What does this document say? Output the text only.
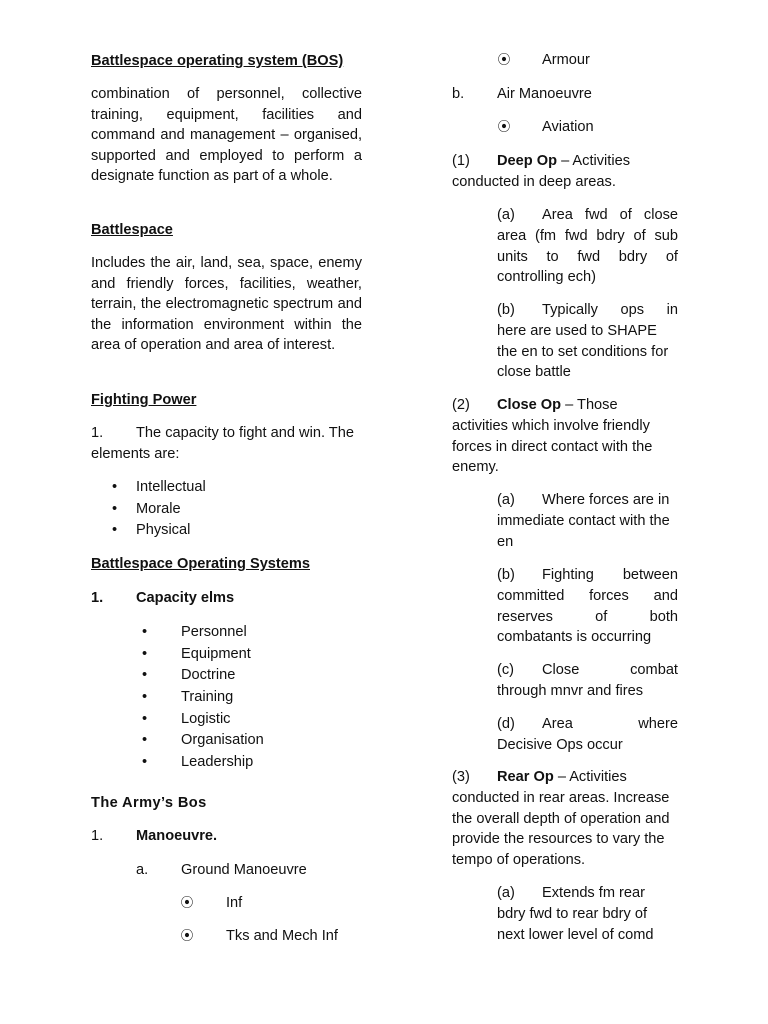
Battlespace operating system (BOS)

combination of personnel, collective training, equipment, facilities and command and management – organised, supported and employed to perform a designate function as part of a whole.

Battlespace

Includes the air, land, sea, space, enemy and friendly forces, facilities, weather, terrain, the electromagnetic spectrum and the information environment within the area of operation and area of interest.

Fighting Power

1. The capacity to fight and win. The
elements are:
• Intellectual
• Morale
• Physical

Battlespace Operating Systems

1. Capacity elms
• Personnel
• Equipment
• Doctrine
• Training
• Logistic
• Organisation
• Leadership

The Army’s Bos

1. Manoeuvre.
a. Ground Manoeuvre
⦿ Inf
⦿ Tks and Mech Inf
⦿ Armour
b. Air Manoeuvre
⦿ Aviation
(1) Deep Op – Activities
conducted in deep areas.
(a) Area fwd of close
area (fm fwd bdry of sub units to fwd bdry of controlling ech)
(b) Typically ops in
here are used to SHAPE the en to set conditions for close battle
(2) Close Op – Those
activities which involve friendly forces in direct contact with the enemy.
(a) Where forces are in
immediate contact with the en
(b) Fighting between
committed forces and reserves of both combatants is occurring
(c) Close combat
through mnvr and fires
(d) Area where
Decisive Ops occur
(3) Rear Op – Activities
conducted in rear areas. Increase the overall depth of operation and provide the resources to vary the tempo of operations.
(a) Extends fm rear
bdry fwd to rear bdry of
next lower level of comd
